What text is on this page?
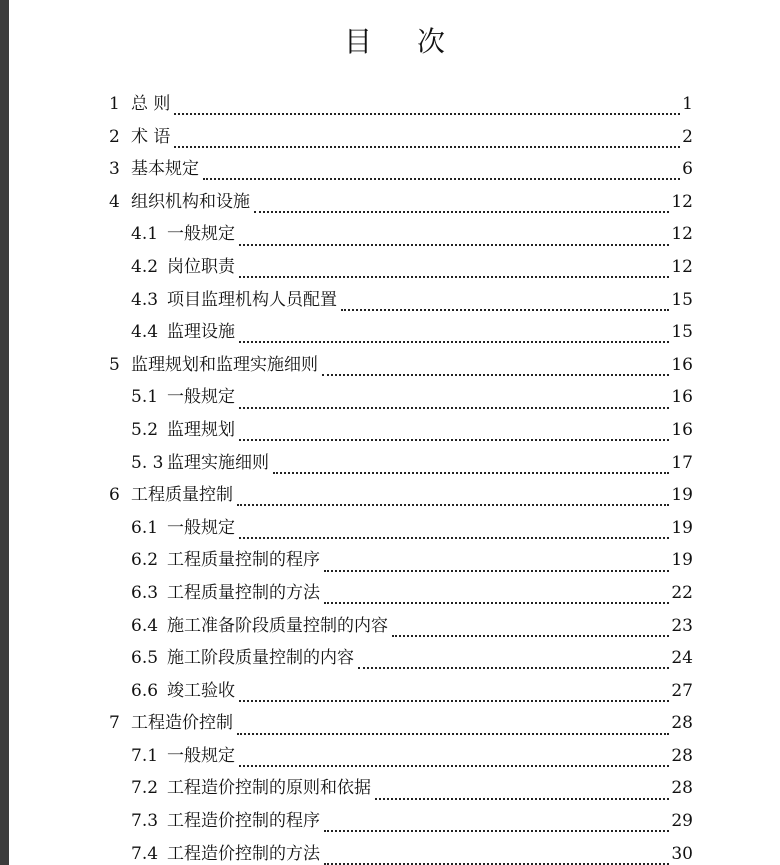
目 次
1 总 则	1
2 术 语	2
3 基本规定	6
4 组织机构和设施	12
4.1 一般规定	12
4.2 岗位职责	12
4.3 项目监理机构人员配置	15
4.4 监理设施	15
5 监理规划和监理实施细则	16
5.1 一般规定	16
5.2 监理规划	16
5. 3 监理实施细则	17
6 工程质量控制	19
6.1 一般规定	19
6.2 工程质量控制的程序	19
6.3 工程质量控制的方法	22
6.4 施工准备阶段质量控制的内容	23
6.5 施工阶段质量控制的内容	24
6.6 竣工验收	27
7 工程造价控制	28
7.1 一般规定	28
7.2 工程造价控制的原则和依据	28
7.3 工程造价控制的程序	29
7.4 工程造价控制的方法	30
